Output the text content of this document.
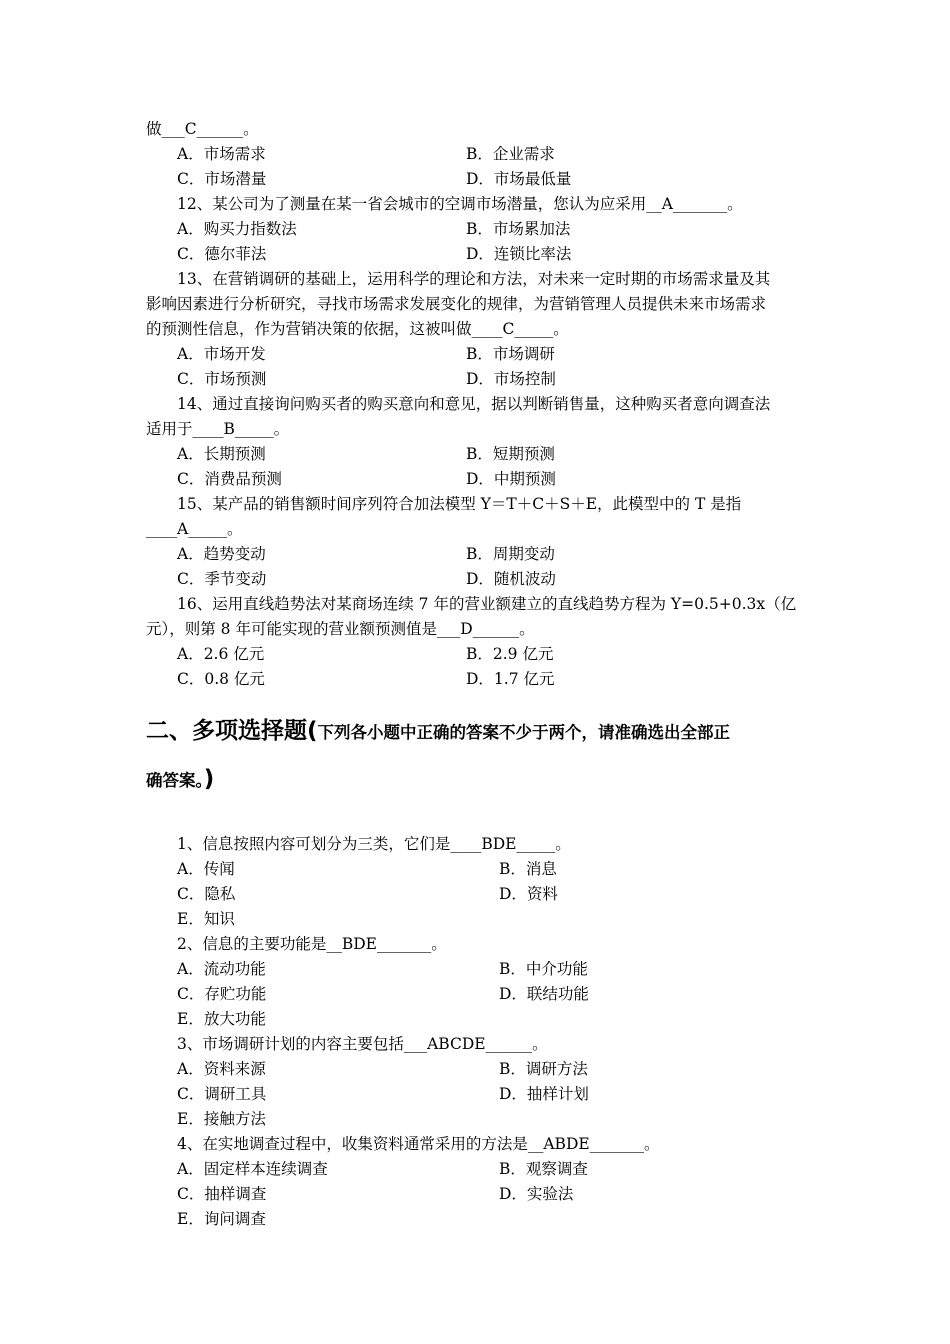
做___C______。
A．市场需求	B．企业需求
C．市场潜量	D．市场最低量
12、某公司为了测量在某一省会城市的空调市场潜量，您认为应采用__A_______。
A．购买力指数法	B．市场累加法
C．德尔菲法	D．连锁比率法
13、在营销调研的基础上，运用科学的理论和方法，对未来一定时期的市场需求量及其
影响因素进行分析研究，寻找市场需求发展变化的规律，为营销管理人员提供未来市场需求
的预测性信息，作为营销决策的依据，这被叫做____C_____。
A．市场开发	B．市场调研
C．市场预测	D．市场控制
14、通过直接询问购买者的购买意向和意见，据以判断销售量，这种购买者意向调查法
适用于____B_____。
A．长期预测	B．短期预测
C．消费品预测	D．中期预测
15、某产品的销售额时间序列符合加法模型 Y＝T＋C＋S＋E，此模型中的 T 是指
____A_____。
A．趋势变动	B．周期变动
C．季节变动	D．随机波动
16、运用直线趋势法对某商场连续 7 年的营业额建立的直线趋势方程为 Y=0.5+0.3x（亿
元），则第 8 年可能实现的营业额预测值是___D______。
A．2.6 亿元	B．2.9 亿元
C．0.8 亿元	D．1.7 亿元
二、多项选择题(下列各小题中正确的答案不少于两个，请准确选出全部正
确答案。)
1、信息按照内容可划分为三类，它们是____BDE_____。
A．传闻	B．消息
C．隐私	D．资料
E．知识
2、信息的主要功能是__BDE_______。
A．流动功能	B．中介功能
C．存贮功能	D．联结功能
E．放大功能
3、市场调研计划的内容主要包括___ABCDE______。
A．资料来源	B．调研方法
C．调研工具	D．抽样计划
E．接触方法
4、在实地调查过程中，收集资料通常采用的方法是__ABDE_______。
A．固定样本连续调查	B．观察调查
C．抽样调查	D．实验法
E．询问调查
